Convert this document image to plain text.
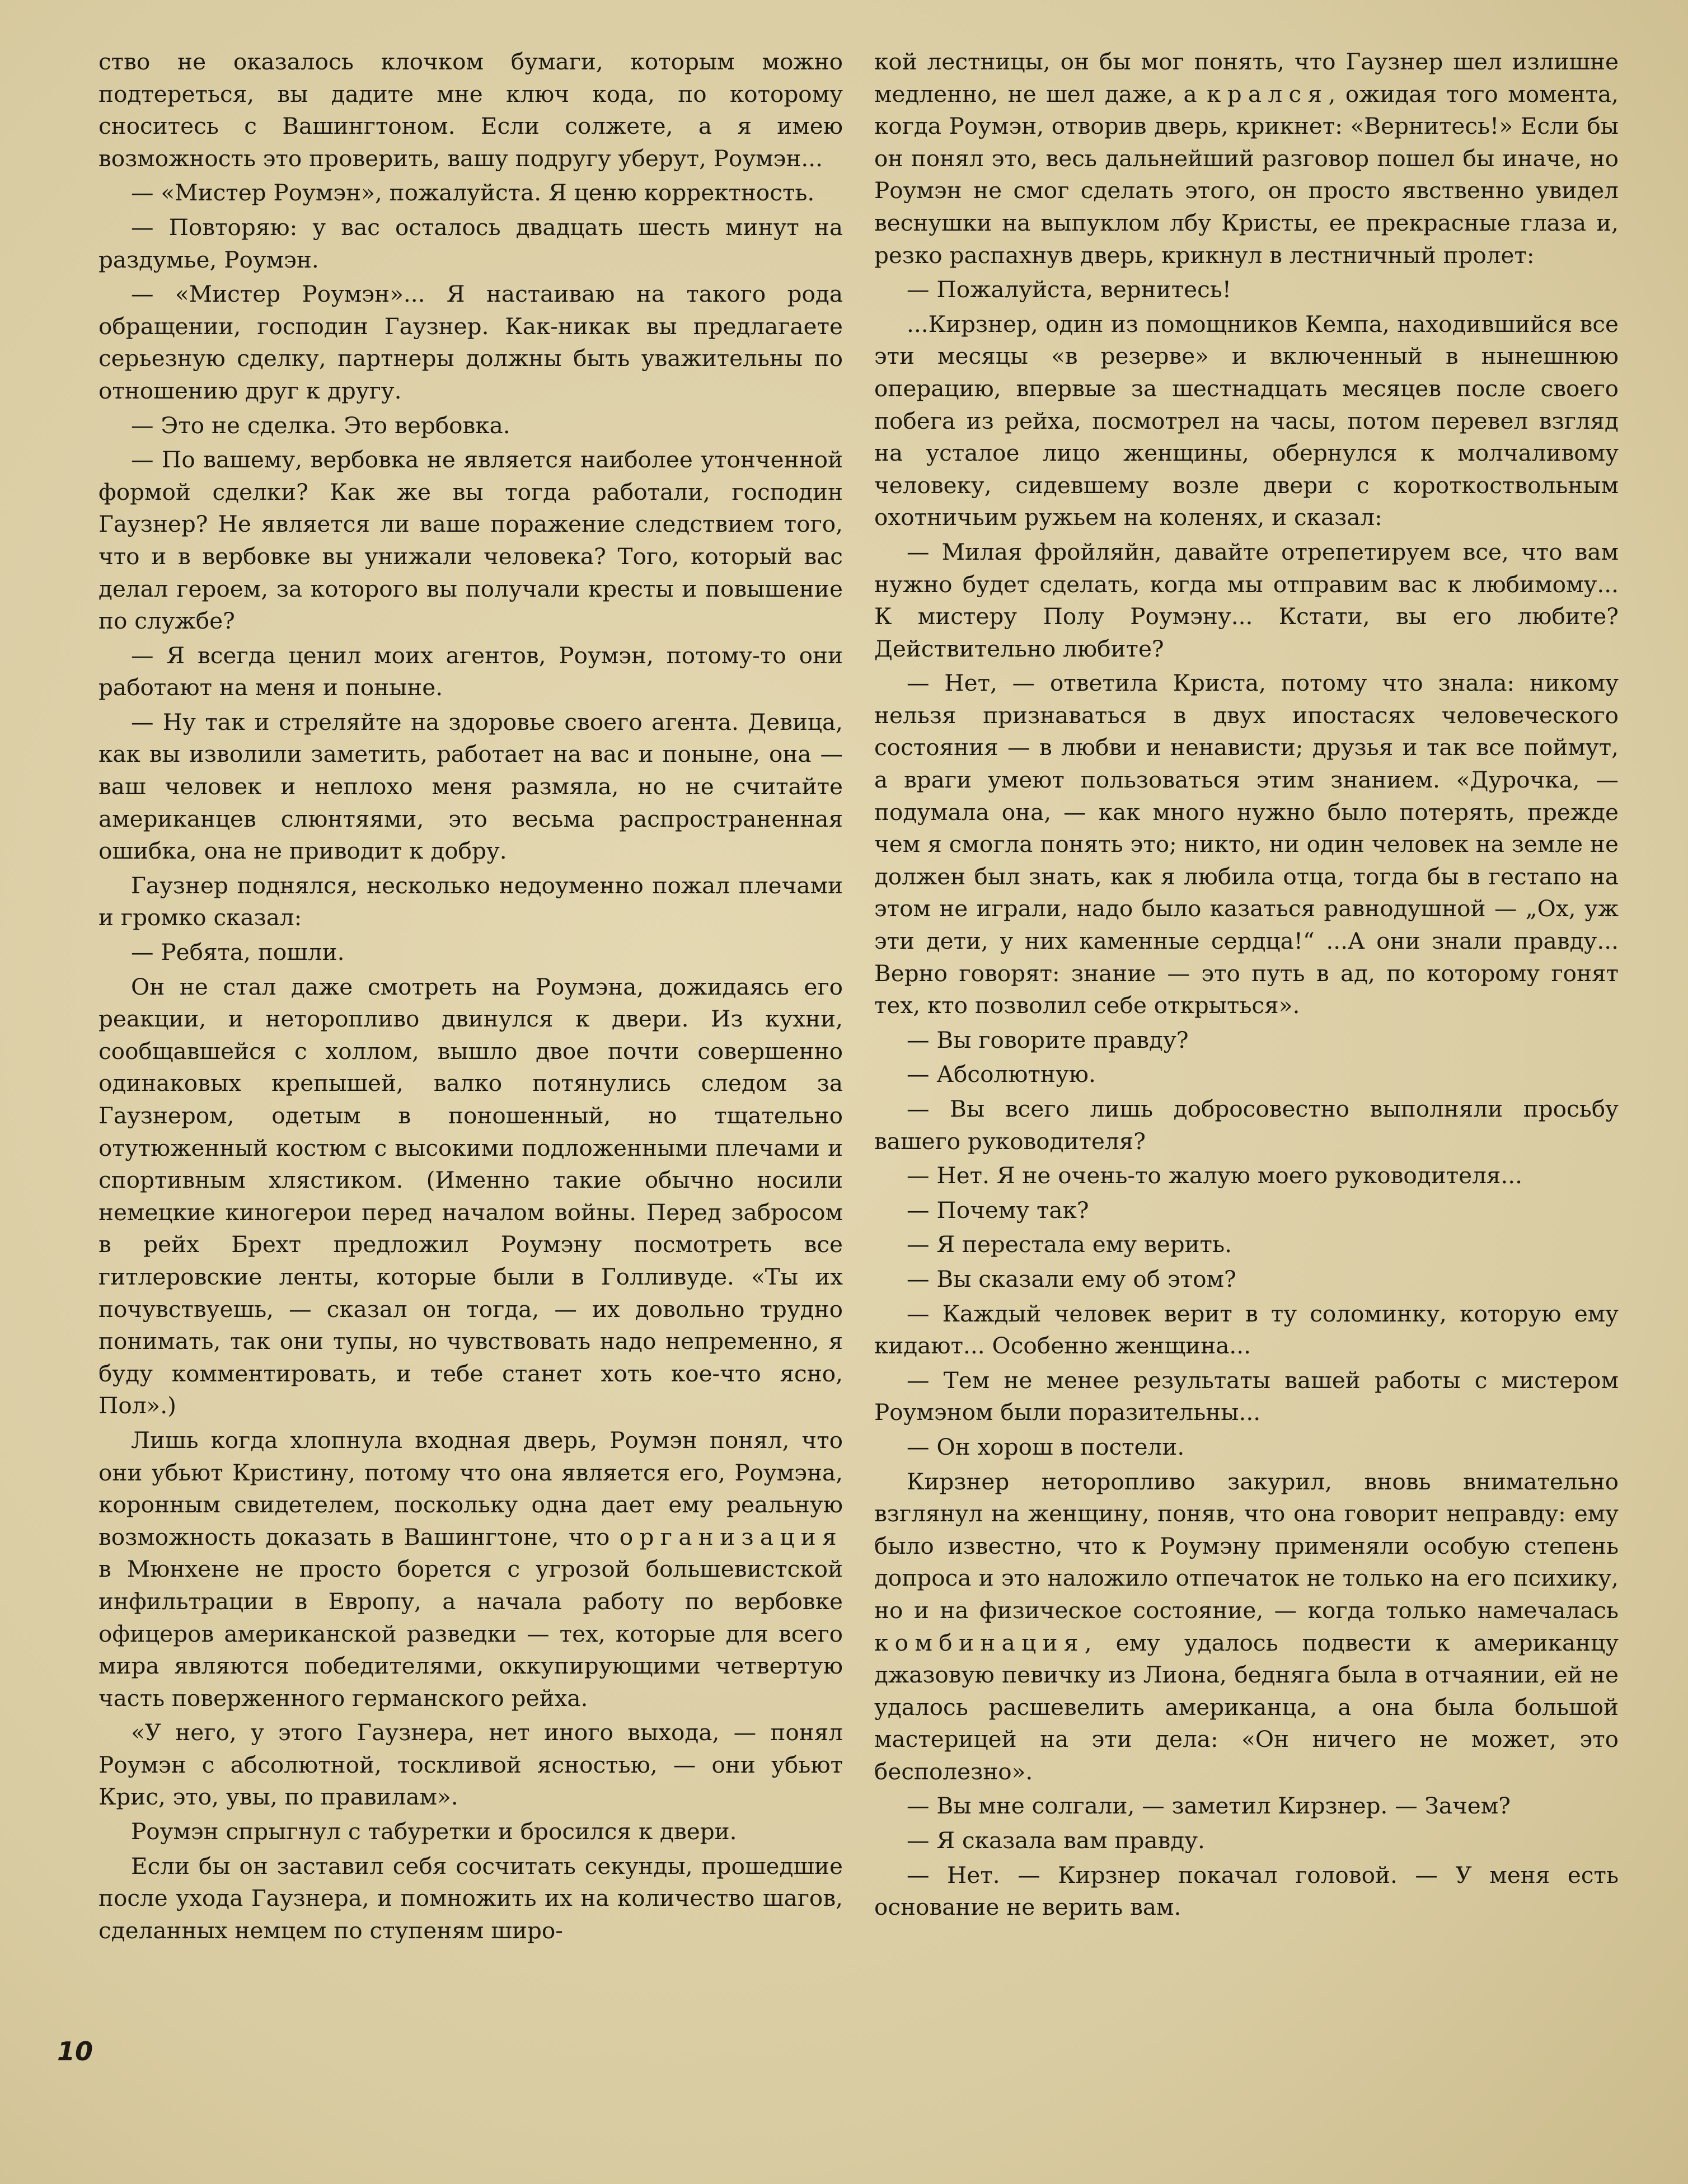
ство не оказалось клочком бумаги, которым можно подтереться, вы дадите мне ключ кода, по которому сноситесь с Вашингтоном. Если солжете, а я имею возможность это проверить, вашу подругу уберут, Роумэн...

— «Мистер Роумэн», пожалуйста. Я ценю корректность.

— Повторяю: у вас осталось двадцать шесть минут на раздумье, Роумэн.

— «Мистер Роумэн»... Я настаиваю на такого рода обращении, господин Гаузнер. Как-никак вы предлагаете серьезную сделку, партнеры должны быть уважительны по отношению друг к другу.

— Это не сделка. Это вербовка.

— По вашему, вербовка не является наиболее утонченной формой сделки? Как же вы тогда работали, господин Гаузнер? Не является ли ваше поражение следствием того, что и в вербовке вы унижали человека? Того, который вас делал героем, за которого вы получали кресты и повышение по службе?

— Я всегда ценил моих агентов, Роумэн, потому-то они работают на меня и поныне.

— Ну так и стреляйте на здоровье своего агента. Девица, как вы изволили заметить, работает на вас и поныне, она — ваш человек и неплохо меня размяла, но не считайте американцев слюнтяями, это весьма распространенная ошибка, она не приводит к добру.

Гаузнер поднялся, несколько недоуменно пожал плечами и громко сказал:

— Ребята, пошли.

Он не стал даже смотреть на Роумэна, дожидаясь его реакции, и неторопливо двинулся к двери. Из кухни, сообщавшейся с холлом, вышло двое почти совершенно одинаковых крепышей, валко потянулись следом за Гаузнером, одетым в поношенный, но тщательно отутюженный костюм с высокими подложенными плечами и спортивным хлястиком. (Именно такие обычно носили немецкие киногерои перед началом войны. Перед забросом в рейх Брехт предложил Роумэну посмотреть все гитлеровские ленты, которые были в Голливуде. «Ты их почувствуешь, — сказал он тогда, — их довольно трудно понимать, так они тупы, но чувствовать надо непременно, я буду комментировать, и тебе станет хоть кое-что ясно, Пол».)

Лишь когда хлопнула входная дверь, Роумэн понял, что они убьют Кристину, потому что она является его, Роумэна, коронным свидетелем, поскольку одна дает ему реальную возможность доказать в Вашингтоне, что организация в Мюнхене не просто борется с угрозой большевистской инфильтрации в Европу, а начала работу по вербовке офицеров американской разведки — тех, которые для всего мира являются победителями, оккупирующими четвертую часть поверженного германского рейха.

«У него, у этого Гаузнера, нет иного выхода, — понял Роумэн с абсолютной, тоскливой ясностью, — они убьют Крис, это, увы, по правилам».

Роумэн спрыгнул с табуретки и бросился к двери.

Если бы он заставил себя сосчитать секунды, прошедшие после ухода Гаузнера, и помножить их на количество шагов, сделанных немцем по ступеням широ-

кой лестницы, он бы мог понять, что Гаузнер шел излишне медленно, не шел даже, а крался, ожидая того момента, когда Роумэн, отворив дверь, крикнет: «Вернитесь!» Если бы он понял это, весь дальнейший разговор пошел бы иначе, но Роумэн не смог сделать этого, он просто явственно увидел веснушки на выпуклом лбу Кристы, ее прекрасные глаза и, резко распахнув дверь, крикнул в лестничный пролет:

— Пожалуйста, вернитесь!

...Кирзнер, один из помощников Кемпа, находившийся все эти месяцы «в резерве» и включенный в нынешнюю операцию, впервые за шестнадцать месяцев после своего побега из рейха, посмотрел на часы, потом перевел взгляд на усталое лицо женщины, обернулся к молчаливому человеку, сидевшему возле двери с короткоствольным охотничьим ружьем на коленях, и сказал:

— Милая фройляйн, давайте отрепетируем все, что вам нужно будет сделать, когда мы отправим вас к любимому... К мистеру Полу Роумэну... Кстати, вы его любите? Действительно любите?

— Нет, — ответила Криста, потому что знала: никому нельзя признаваться в двух ипостасях человеческого состояния — в любви и ненависти; друзья и так все поймут, а враги умеют пользоваться этим знанием. «Дурочка, — подумала она, — как много нужно было потерять, прежде чем я смогла понять это; никто, ни один человек на земле не должен был знать, как я любила отца, тогда бы в гестапо на этом не играли, надо было казаться равнодушной — „Ох, уж эти дети, у них каменные сердца!“ ...А они знали правду... Верно говорят: знание — это путь в ад, по которому гонят тех, кто позволил себе открыться».

— Вы говорите правду?

— Абсолютную.

— Вы всего лишь добросовестно выполняли просьбу вашего руководителя?

— Нет. Я не очень-то жалую моего руководителя...

— Почему так?

— Я перестала ему верить.

— Вы сказали ему об этом?

— Каждый человек верит в ту соломинку, которую ему кидают... Особенно женщина...

— Тем не менее результаты вашей работы с мистером Роумэном были поразительны...

— Он хорош в постели.

Кирзнер неторопливо закурил, вновь внимательно взглянул на женщину, поняв, что она говорит неправду: ему было известно, что к Роумэну применяли особую степень допроса и это наложило отпечаток не только на его психику, но и на физическое состояние, — когда только намечалась комбинация, ему удалось подвести к американцу джазовую певичку из Лиона, бедняга была в отчаянии, ей не удалось расшевелить американца, а она была большой мастерицей на эти дела: «Он ничего не может, это бесполезно».

— Вы мне солгали, — заметил Кирзнер. — Зачем?

— Я сказала вам правду.

— Нет. — Кирзнер покачал головой. — У меня есть основание не верить вам.

10
